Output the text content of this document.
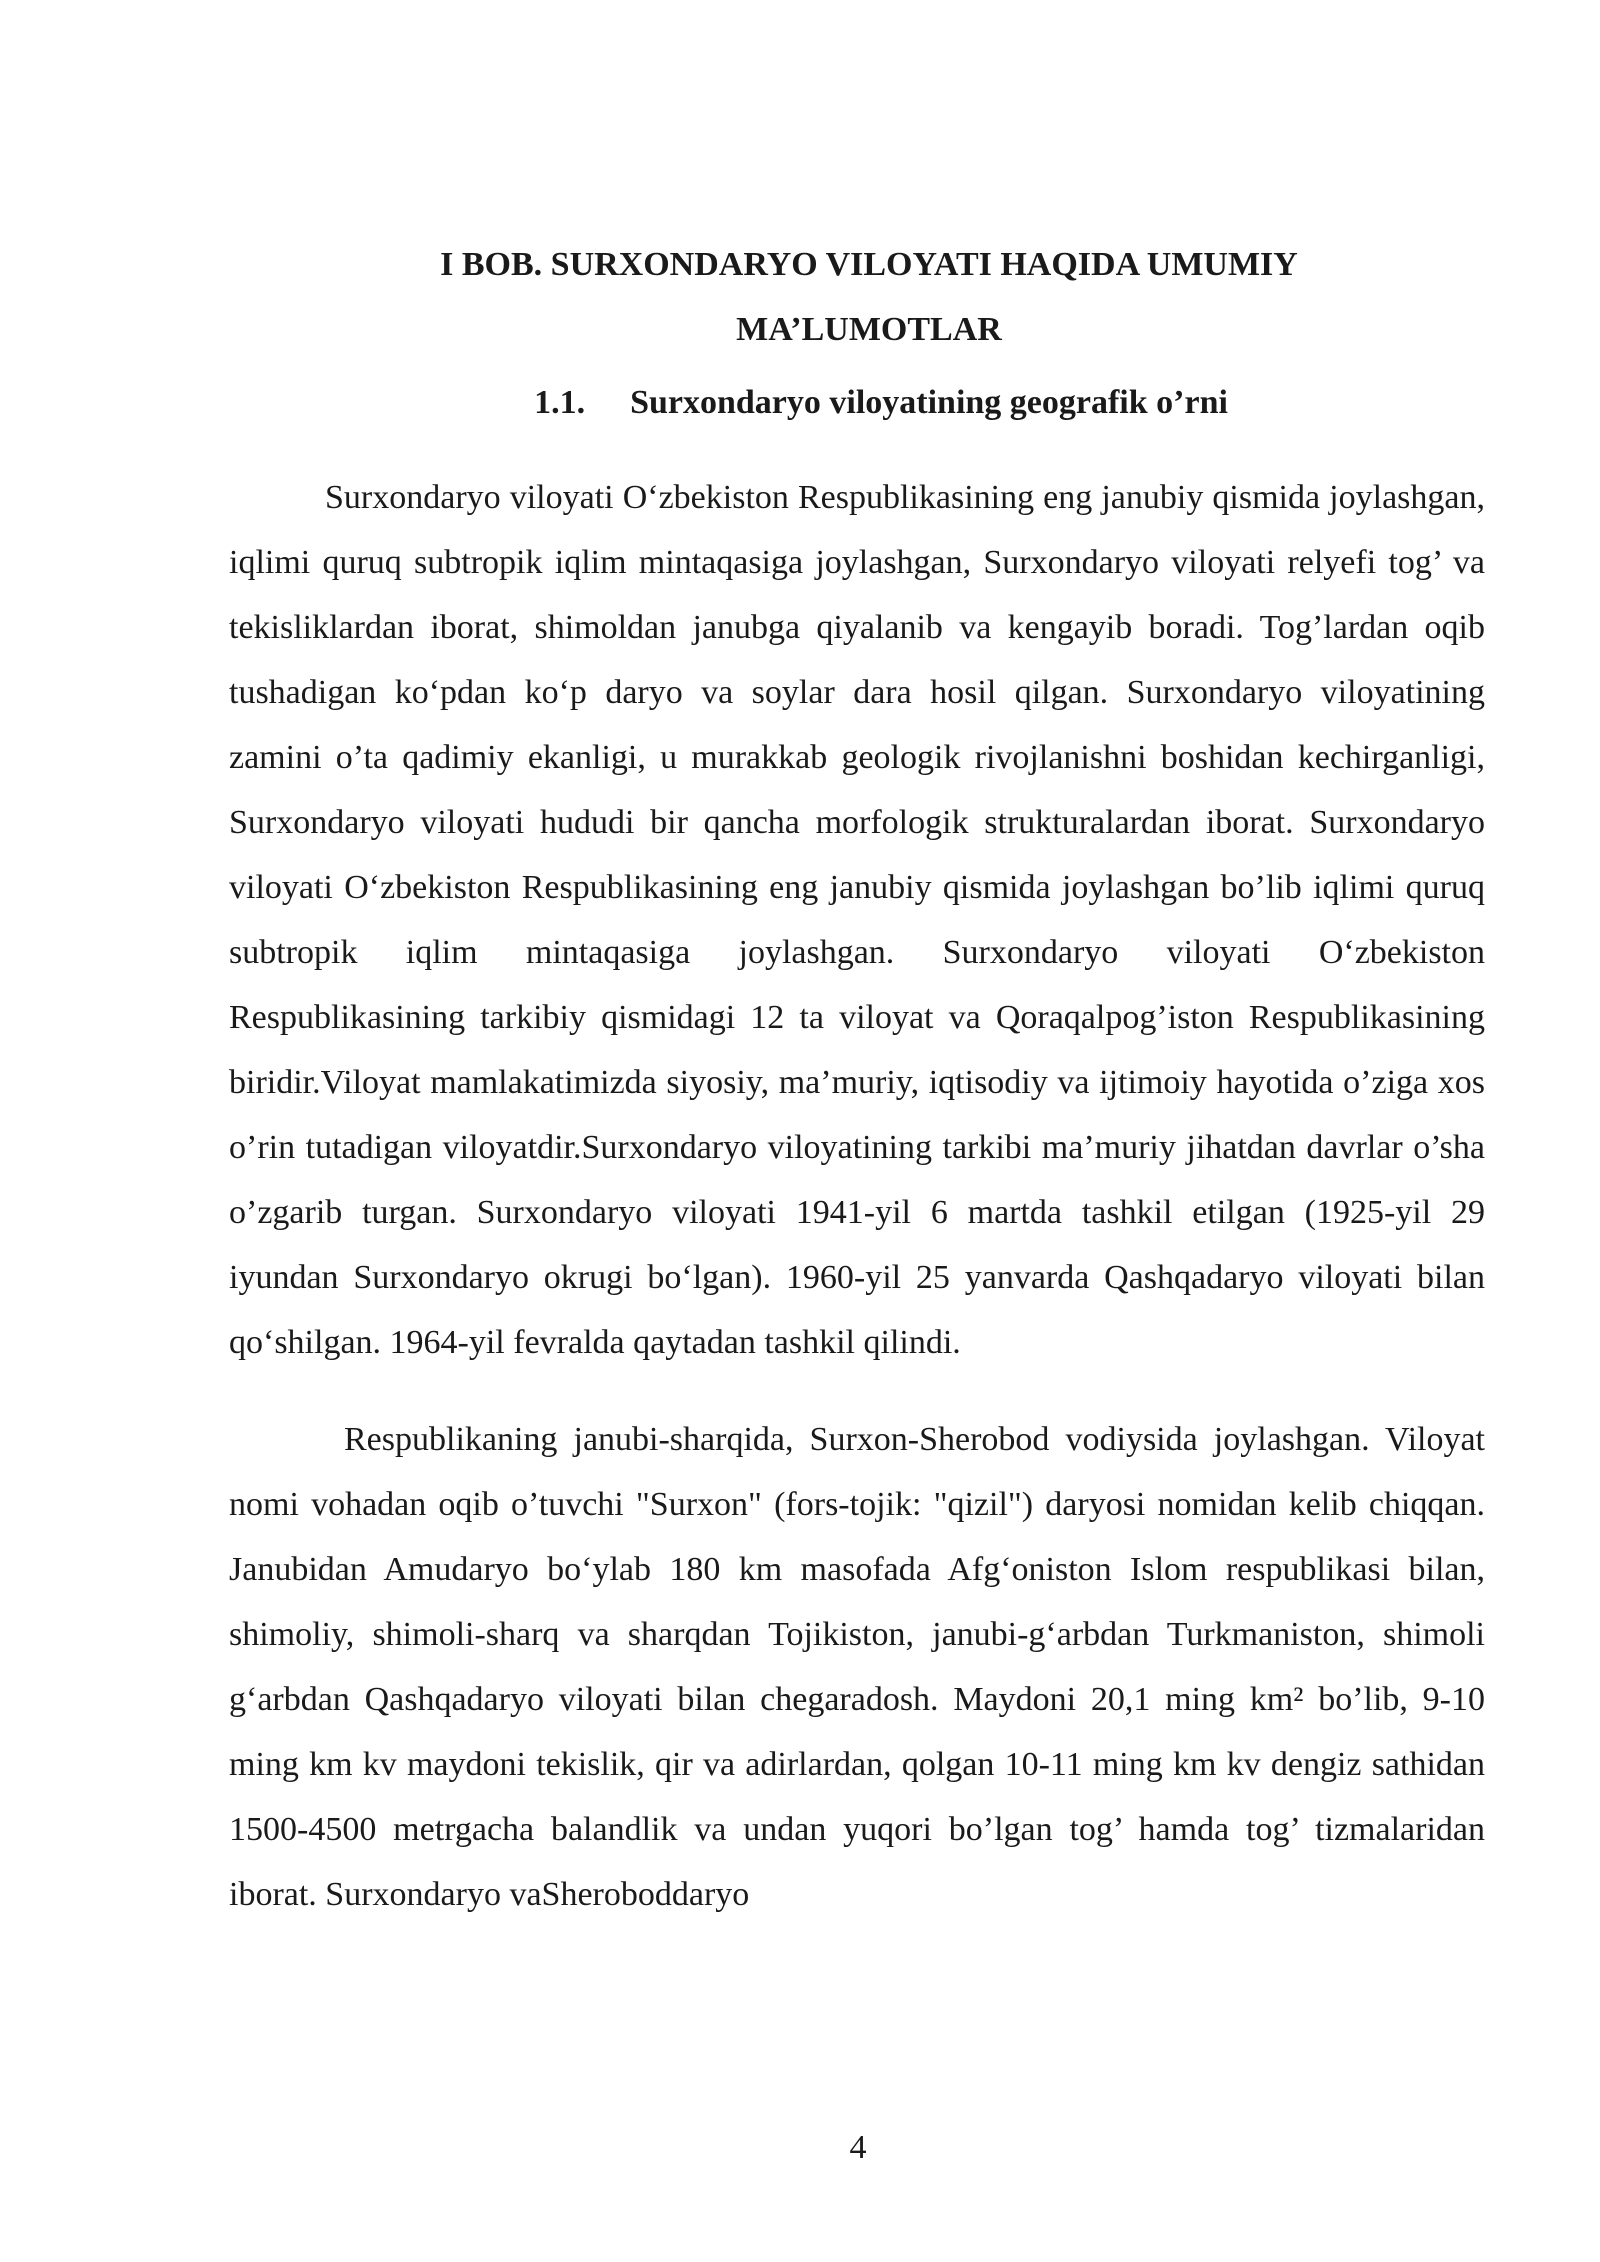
I BOB. SURXONDARYO VILOYATI HAQIDA UMUMIY
MA’LUMOTLAR
1.1. Surxondaryo viloyatining geografik o’rni

Surxondaryo viloyati O‘zbekiston Respublikasining eng janubiy qismida joylashgan, iqlimi quruq subtropik iqlim mintaqasiga joylashgan, Surxondaryo viloyati relyefi tog’ va tekisliklardan iborat, shimoldan janubga qiyalanib va kengayib boradi. Tog’lardan oqib tushadigan ko‘pdan ko‘p daryo va soylar dara hosil qilgan. Surxondaryo viloyatining zamini o’ta qadimiy ekanligi, u murakkab geologik rivojlanishni boshidan kechirganligi, Surxondaryo viloyati hududi bir qancha morfologik strukturalardan iborat. Surxondaryo viloyati O‘zbekiston Respublikasining eng janubiy qismida joylashgan bo’lib iqlimi quruq subtropik iqlim mintaqasiga joylashgan. Surxondaryo viloyati O‘zbekiston Respublikasining tarkibiy qismidagi 12 ta viloyat va Qoraqalpog’iston Respublikasining biridir.Viloyat mamlakatimizda siyosiy, ma’muriy, iqtisodiy va ijtimoiy hayotida o’ziga xos o’rin tutadigan viloyatdir.Surxondaryo viloyatining tarkibi ma’muriy jihatdan davrlar o’sha o’zgarib turgan. Surxondaryo viloyati 1941-yil 6 martda tashkil etilgan (1925-yil 29 iyundan Surxondaryo okrugi bo‘lgan). 1960-yil 25 yanvarda Qashqadaryo viloyati bilan qo‘shilgan. 1964-yil fevralda qaytadan tashkil qilindi.

Respublikaning janubi-sharqida, Surxon-Sherobod vodiysida joylashgan. Viloyat nomi vohadan oqib o’tuvchi "Surxon" (fors-tojik: "qizil") daryosi nomidan kelib chiqqan. Janubidan Amudaryo bo‘ylab 180 km masofada Afg‘oniston Islom respublikasi bilan, shimoliy, shimoli-sharq va sharqdan Tojikiston, janubi-g‘arbdan Turkmaniston, shimoli g‘arbdan Qashqadaryo viloyati bilan chegaradosh. Maydoni 20,1 ming km² bo’lib, 9-10 ming km kv maydoni tekislik, qir va adirlardan, qolgan 10-11 ming km kv dengiz sathidan 1500-4500 metrgacha balandlik va undan yuqori bo’lgan tog’ hamda tog’ tizmalaridan iborat. Surxondaryo vaSheroboddaryo

4
